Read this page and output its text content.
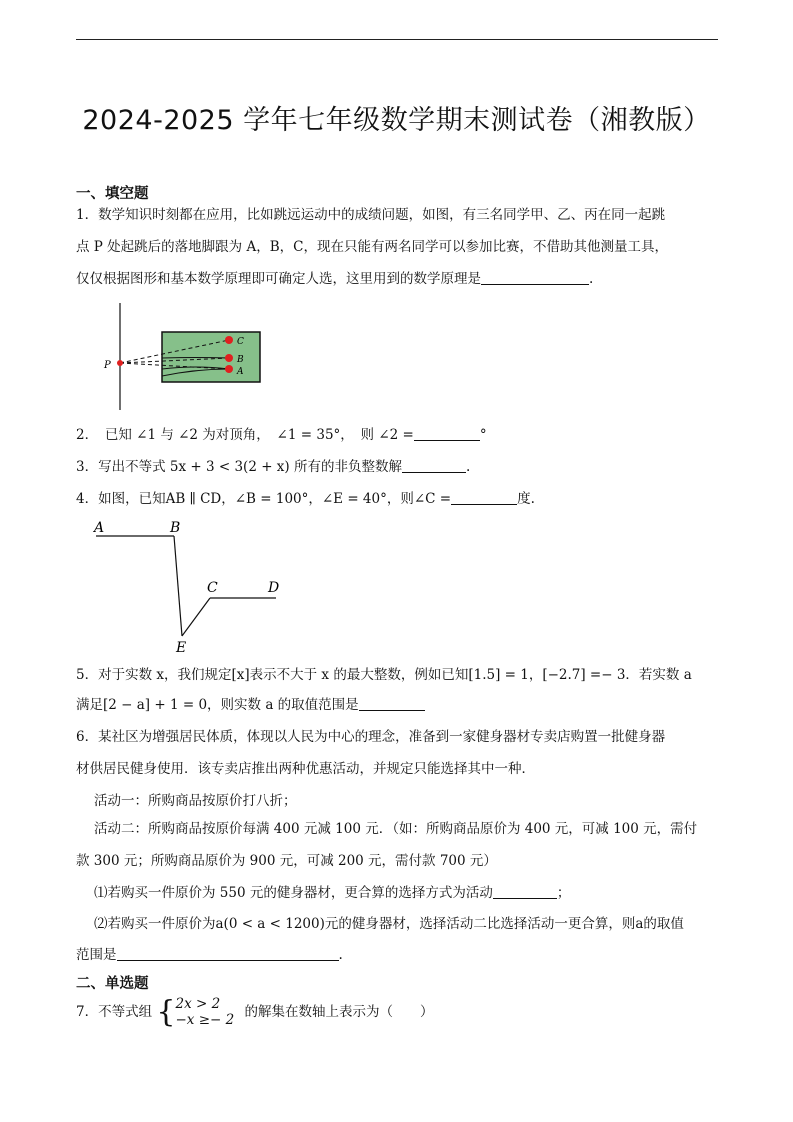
2024-2025 学年七年级数学期末测试卷（湘教版）
一、填空题
1．数学知识时刻都在应用，比如跳远运动中的成绩问题，如图，有三名同学甲、乙、丙在同一起跳
点 P 处起跳后的落地脚跟为 A，B，C，现在只能有两名同学可以参加比赛，不借助其他测量工具，
仅仅根据图形和基本数学原理即可确定人选，这里用到的数学原理是	.
P
C
B
A
2．　已知 ∠1 与 ∠2 为对顶角，　∠1 = 35°，　则 ∠2 =	°
3．写出不等式 5x + 3 < 3(2 + x) 所有的非负整数解	.
4．如图，已知AB ∥ CD，∠B = 100°，∠E = 40°，则∠C =	度.
A	B
C	D
E
5．对于实数 x，我们规定[x]表示不大于 x 的最大整数，例如已知[1.5] = 1，[−2.7] =− 3．若实数 a
满足[2 − a] + 1 = 0，则实数 a 的取值范围是
6．某社区为增强居民体质，体现以人民为中心的理念，准备到一家健身器材专卖店购置一批健身器
材供居民健身使用．该专卖店推出两种优惠活动，并规定只能选择其中一种．
活动一：所购商品按原价打八折；
活动二：所购商品按原价每满 400 元减 100 元．（如：所购商品原价为 400 元，可减 100 元，需付
款 300 元；所购商品原价为 900 元，可减 200 元，需付款 700 元）
⑴若购买一件原价为 550 元的健身器材，更合算的选择方式为活动	；
⑵若购买一件原价为a(0 < a < 1200)元的健身器材，选择活动二比选择活动一更合算，则a的取值
范围是	.
二、单选题
7．不等式组 { 2x > 2
−x ≥− 2 的解集在数轴上表示为（　　）
